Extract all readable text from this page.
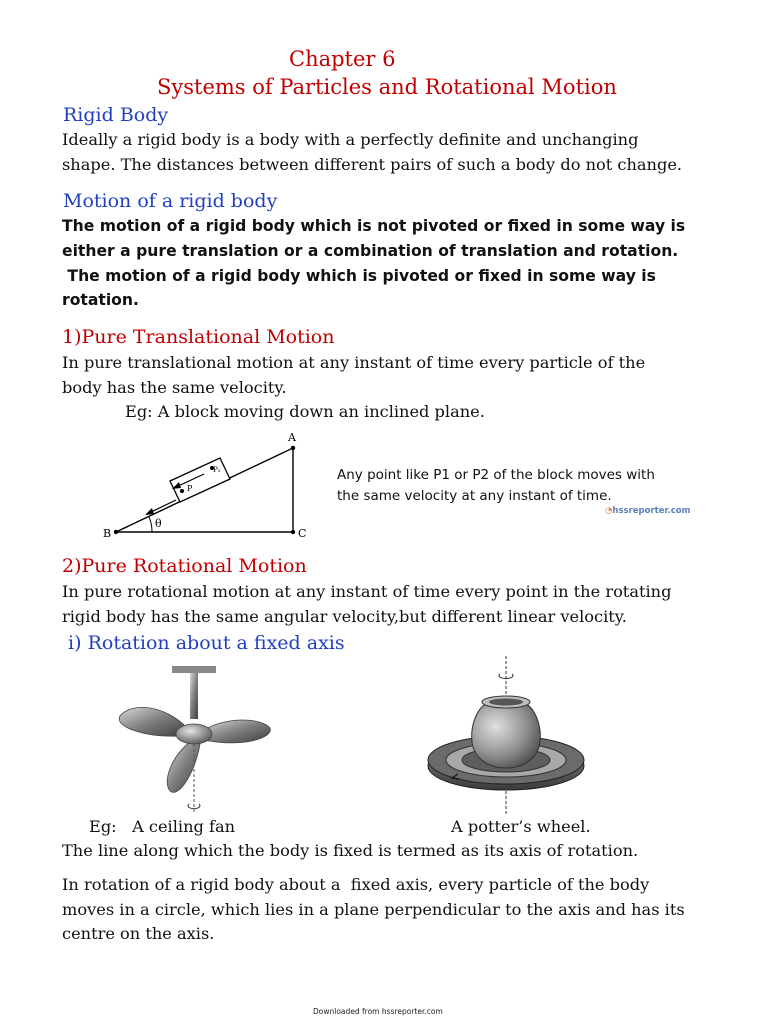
Chapter 6
Systems of Particles and Rotational Motion
Rigid Body
Ideally a rigid body is a body with a perfectly definite and unchanging
shape. The distances between different pairs of such a body do not change.
Motion of a rigid body
The motion of a rigid body which is not pivoted or fixed in some way is
either a pure translation or a combination of translation and rotation.
The motion of a rigid body which is pivoted or fixed in some way is
rotation.
1)Pure Translational Motion
In pure translational motion at any instant of time every particle of the
body has the same velocity.
Eg: A block moving down an inclined plane.
θ
P
P₂
A
B	C
Any point like P1 or P2 of the block moves with
the same velocity at any instant of time.
◔hssreporter.com
2)Pure Rotational Motion
In pure rotational motion at any instant of time every point in the rotating
rigid body has the same angular velocity,but different linear velocity.
i) Rotation about a fixed axis
Eg:   A ceiling fan	A potter’s wheel.
The line along which the body is fixed is termed as its axis of rotation.
In rotation of a rigid body about a  fixed axis, every particle of the body
moves in a circle, which lies in a plane perpendicular to the axis and has its
centre on the axis.
Downloaded from hssreporter.com
